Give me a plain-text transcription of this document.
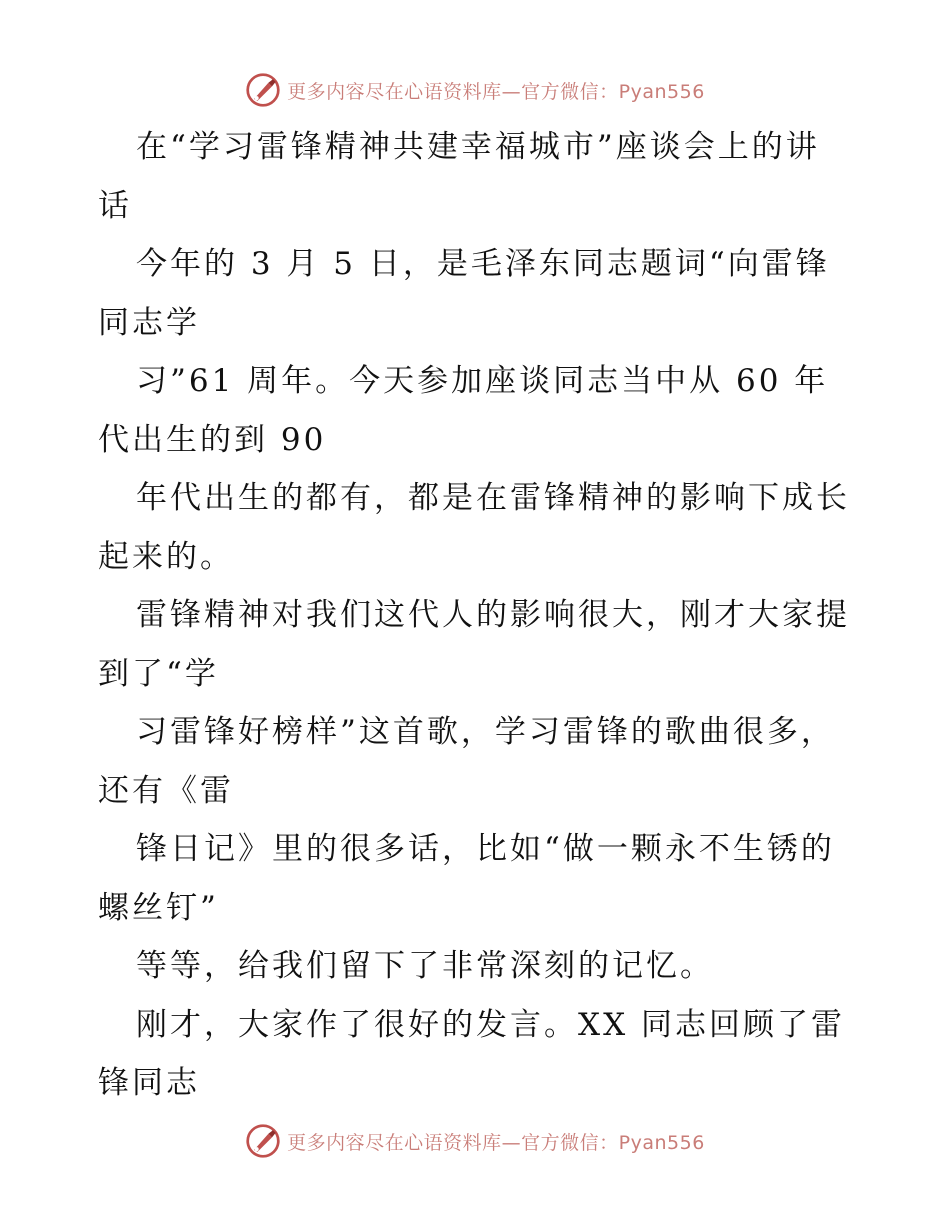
更多内容尽在心语资料库—官方微信：Pyan556
在“学习雷锋精神共建幸福城市”座谈会上的讲
话
今年的 3 月 5 日，是毛泽东同志题词“向雷锋
同志学
习”61 周年。今天参加座谈同志当中从 60 年
代出生的到 90
年代出生的都有，都是在雷锋精神的影响下成长
起来的。
雷锋精神对我们这代人的影响很大，刚才大家提
到了“学
习雷锋好榜样”这首歌，学习雷锋的歌曲很多，
还有《雷
锋日记》里的很多话，比如“做一颗永不生锈的
螺丝钉”
等等，给我们留下了非常深刻的记忆。
刚才，大家作了很好的发言。XX 同志回顾了雷
锋同志
更多内容尽在心语资料库—官方微信：Pyan556
